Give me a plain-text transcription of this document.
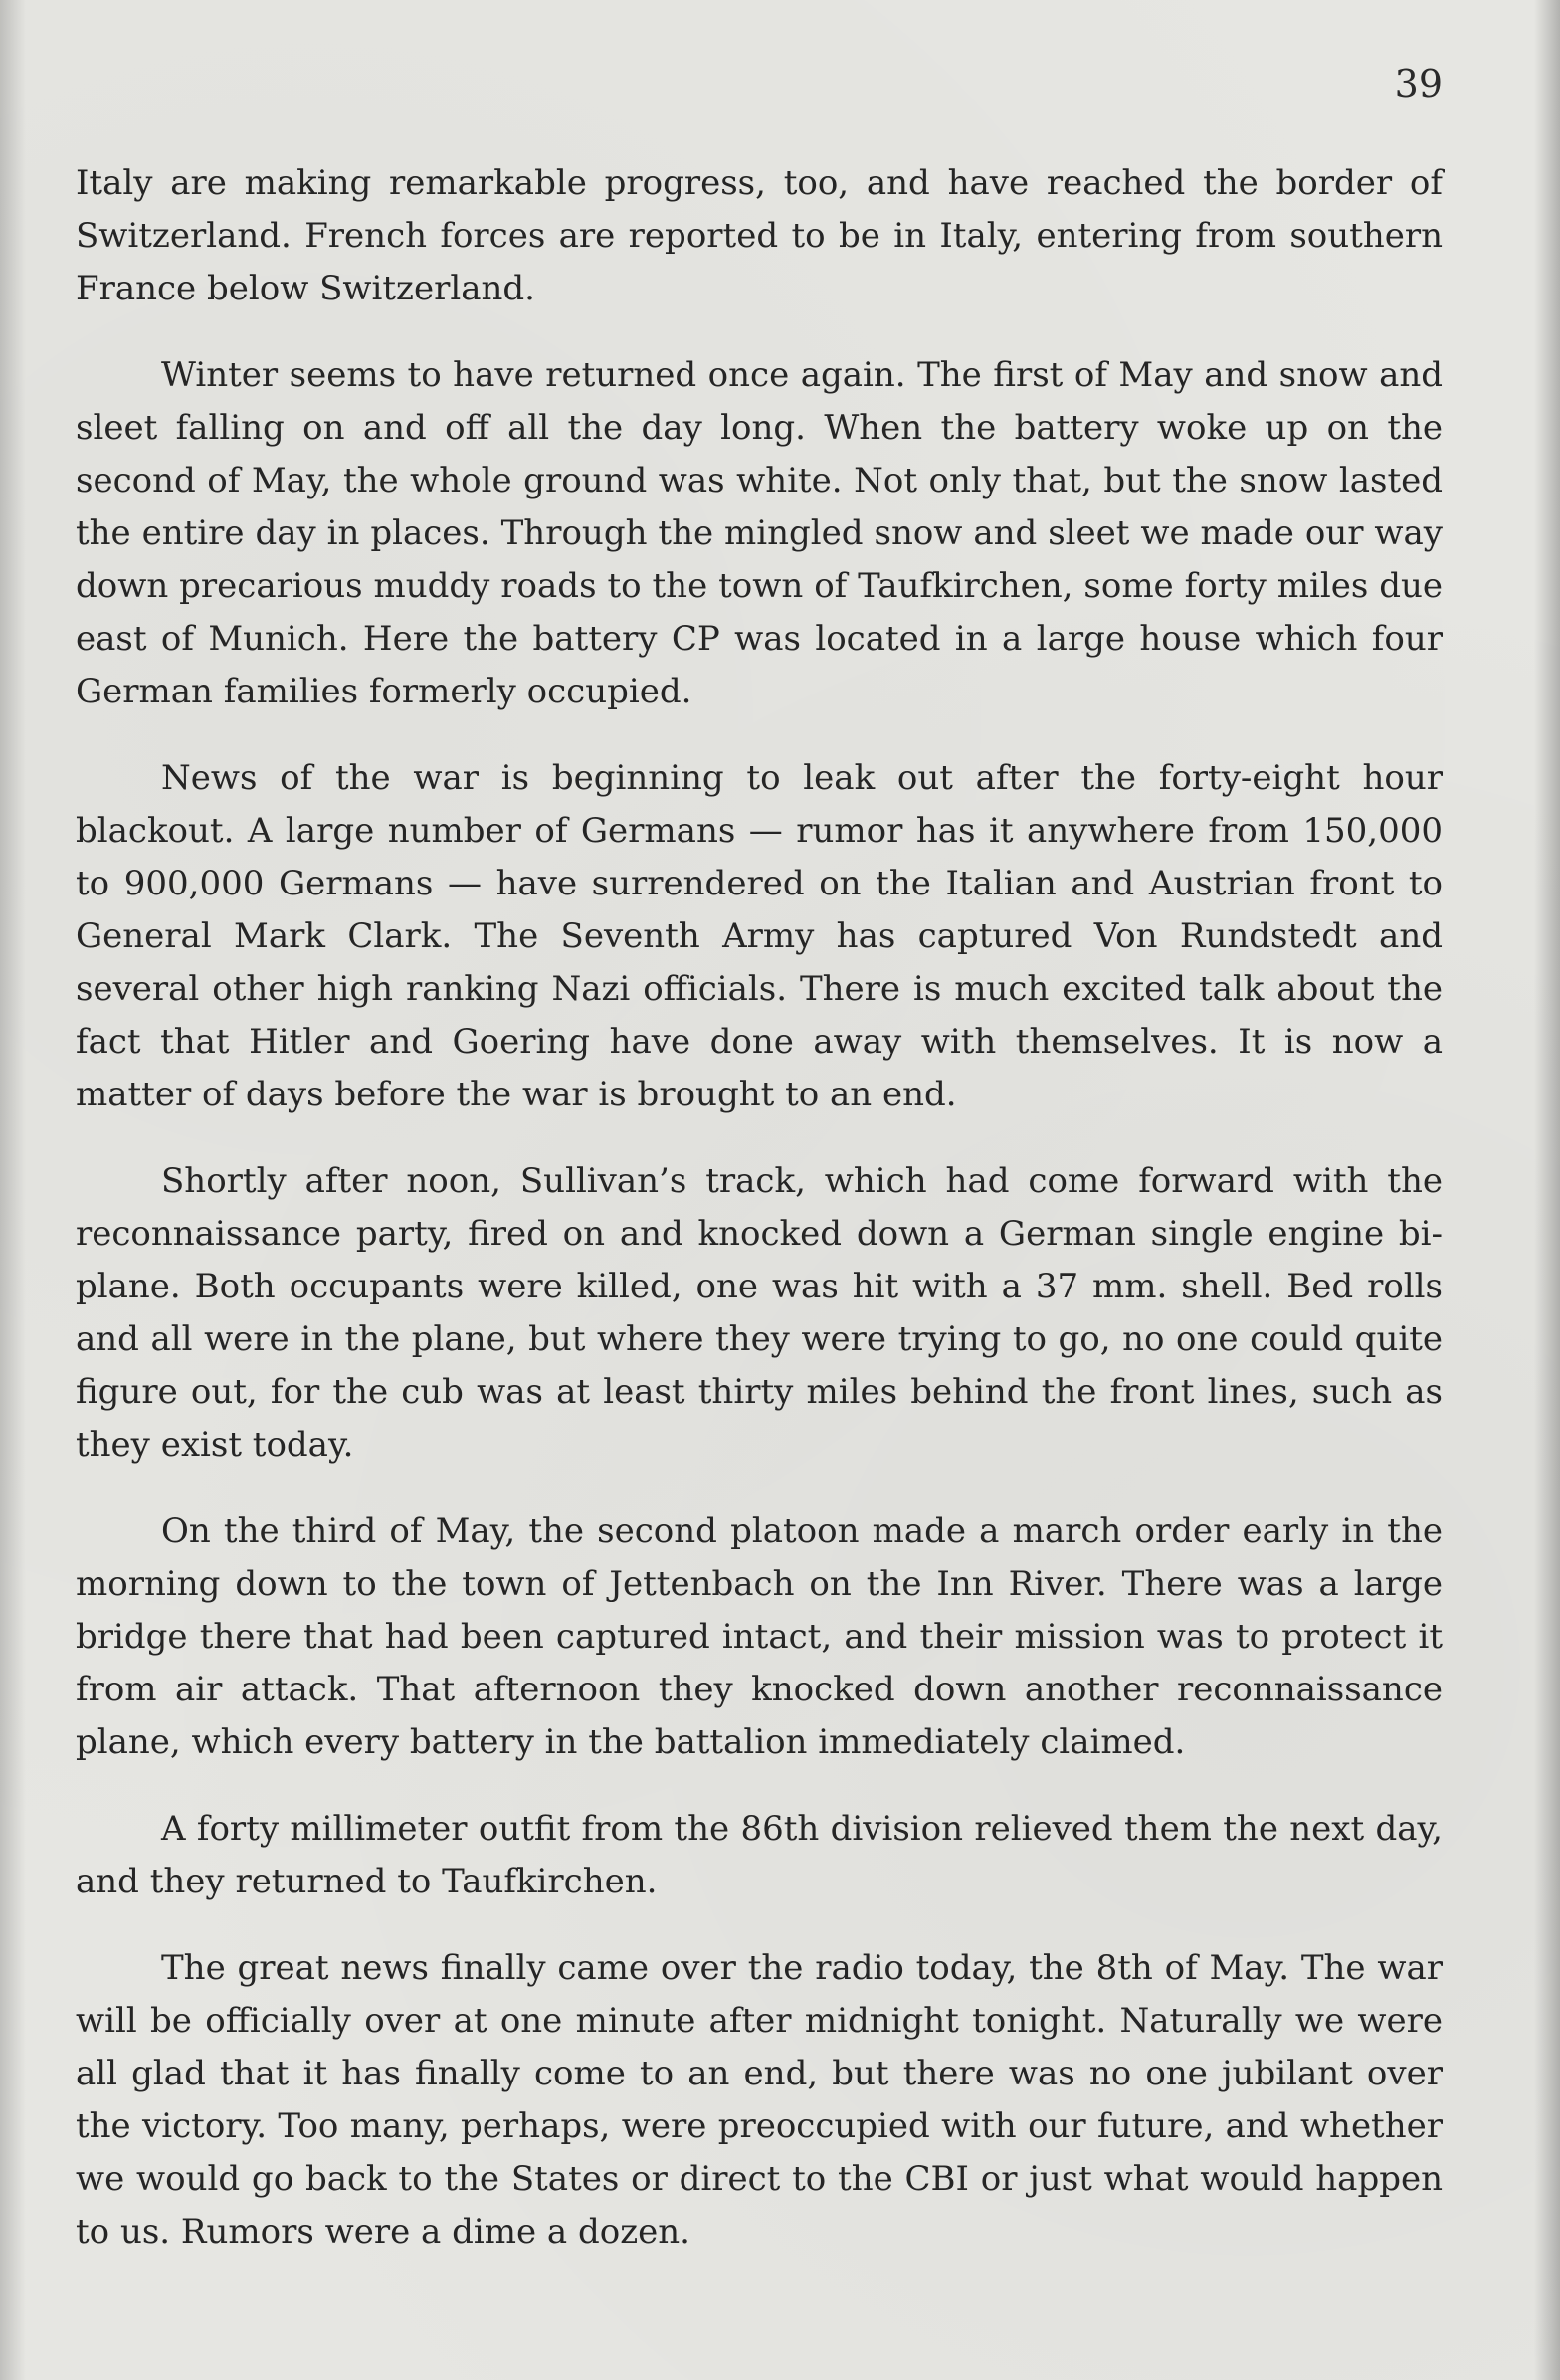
39

Italy are making remarkable progress, too, and have reached the border of Switzerland. French forces are reported to be in Italy, entering from southern France below Switzerland.

Winter seems to have returned once again. The first of May and snow and sleet falling on and off all the day long. When the battery woke up on the second of May, the whole ground was white. Not only that, but the snow lasted the entire day in places. Through the mingled snow and sleet we made our way down precarious muddy roads to the town of Taufkirchen, some forty miles due east of Munich. Here the battery CP was located in a large house which four German families formerly occupied.

News of the war is beginning to leak out after the forty-eight hour blackout. A large number of Germans — rumor has it anywhere from 150,000 to 900,000 Germans — have surrendered on the Italian and Austrian front to General Mark Clark. The Seventh Army has captured Von Rundstedt and several other high ranking Nazi officials. There is much excited talk about the fact that Hitler and Goering have done away with themselves. It is now a matter of days before the war is brought to an end.

Shortly after noon, Sullivan’s track, which had come forward with the reconnaissance party, fired on and knocked down a German single engine bi-plane. Both occupants were killed, one was hit with a 37 mm. shell. Bed rolls and all were in the plane, but where they were trying to go, no one could quite figure out, for the cub was at least thirty miles behind the front lines, such as they exist today.

On the third of May, the second platoon made a march order early in the morning down to the town of Jettenbach on the Inn River. There was a large bridge there that had been captured intact, and their mission was to protect it from air attack. That afternoon they knocked down another reconnaissance plane, which every battery in the battalion immediately claimed.

A forty millimeter outfit from the 86th division relieved them the next day, and they returned to Taufkirchen.

The great news finally came over the radio today, the 8th of May. The war will be officially over at one minute after midnight tonight. Naturally we were all glad that it has finally come to an end, but there was no one jubilant over the victory. Too many, perhaps, were preoccupied with our future, and whether we would go back to the States or direct to the CBI or just what would happen to us. Rumors were a dime a dozen.
